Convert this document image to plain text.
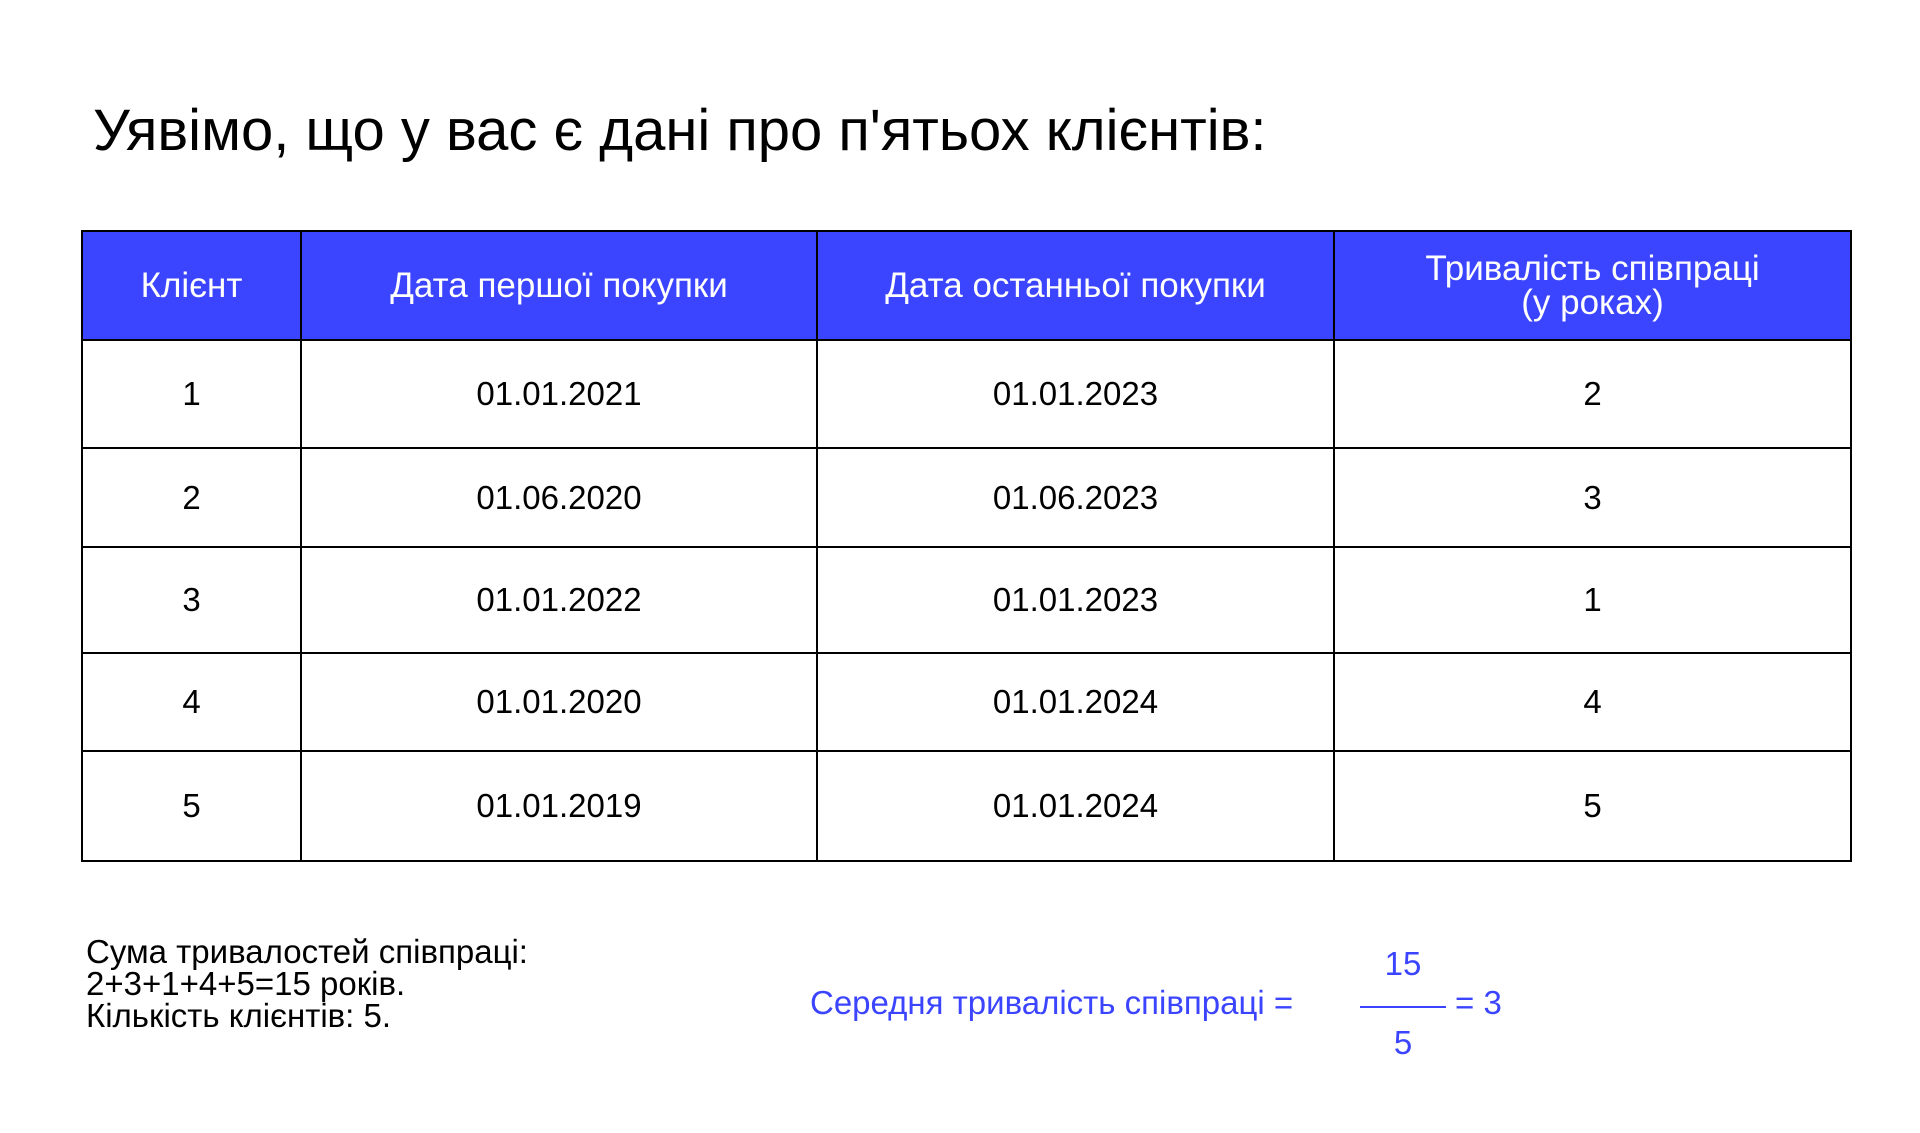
Уявімо, що у вас є дані про п'ятьох клієнтів:
Клієнт	Дата першої покупки	Дата останньої покупки	Тривалість співпраці
(у роках)

1	01.01.2021	01.01.2023	2
2	01.06.2020	01.06.2023	3
3	01.01.2022	01.01.2023	1
4	01.01.2020	01.01.2024	4
5	01.01.2019	01.01.2024	5
Сума тривалостей співпраці:
2+3+1+4+5=15 років.
Кількість клієнтів: 5.	Середня тривалість співпраці =
15
5
= 3
